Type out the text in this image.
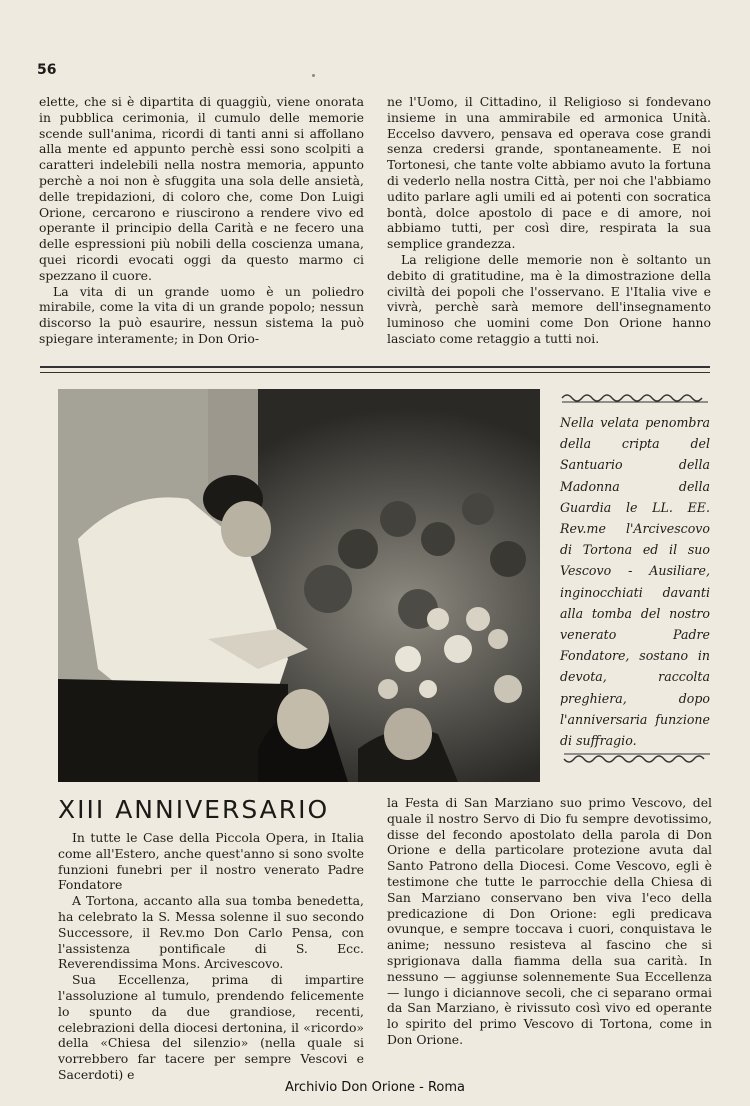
56

elette, che si è dipartita di quaggiù, viene onorata in pubblica cerimonia, il cumulo delle memorie scende sull'anima, ricordi di tanti anni si affollano alla mente ed appunto perchè essi sono scolpiti a caratteri indelebili nella nostra memoria, appunto perchè a noi non è sfuggita una sola delle ansietà, delle trepidazioni, di coloro che, come Don Luigi Orione, cercarono e riuscirono a rendere vivo ed operante il principio della Carità e ne fecero una delle espressioni più nobili della coscienza umana, quei ricordi evocati oggi da questo marmo ci spezzano il cuore.

La vita di un grande uomo è un poliedro mirabile, come la vita di un grande popolo; nessun discorso la può esaurire, nessun sistema la può spiegare interamente; in Don Orio-

ne l'Uomo, il Cittadino, il Religioso si fondevano insieme in una ammirabile ed armonica Unità. Eccelso davvero, pensava ed operava cose grandi senza credersi grande, spontaneamente. E noi Tortonesi, che tante volte abbiamo avuto la fortuna di vederlo nella nostra Città, per noi che l'abbiamo udito parlare agli umili ed ai potenti con socratica bontà, dolce apostolo di pace e di amore, noi abbiamo tutti, per così dire, respirata la sua semplice grandezza.

La religione delle memorie non è soltanto un debito di gratitudine, ma è la dimostrazione della civiltà dei popoli che l'osservano. E l'Italia vive e vivrà, perchè sarà memore dell'insegnamento luminoso che uomini come Don Orione hanno lasciato come retaggio a tutti noi.

Nella velata penombra della cripta del Santuario della Madonna della Guardia le LL. EE. Rev.me l'Arcivescovo di Tortona ed il suo Vescovo - Ausiliare, inginocchiati davanti alla tomba del nostro venerato Padre Fondatore, sostano in devota, raccolta preghiera, dopo l'anniversaria funzione di suffragio.

XIII ANNIVERSARIO

In tutte le Case della Piccola Opera, in Italia come all'Estero, anche quest'anno si sono svolte funzioni funebri per il nostro venerato Padre Fondatore

A Tortona, accanto alla sua tomba benedetta, ha celebrato la S. Messa solenne il suo secondo Successore, il Rev.mo Don Carlo Pensa, con l'assistenza pontificale di S. Ecc. Reverendissima Mons. Arcivescovo.

Sua Eccellenza, prima di impartire l'assoluzione al tumulo, prendendo felicemente lo spunto da due grandiose, recenti, celebrazioni della diocesi dertonina, il «ricordo» della «Chiesa del silenzio» (nella quale si vorrebbero far tacere per sempre Vescovi e Sacerdoti) e

la Festa di San Marziano suo primo Vescovo, del quale il nostro Servo di Dio fu sempre devotissimo, disse del fecondo apostolato della parola di Don Orione e della particolare protezione avuta dal Santo Patrono della Diocesi. Come Vescovo, egli è testimone che tutte le parrocchie della Chiesa di San Marziano conservano ben viva l'eco della predicazione di Don Orione: egli predicava ovunque, e sempre toccava i cuori, conquistava le anime; nessuno resisteva al fascino che si sprigionava dalla fiamma della sua carità. In nessuno — aggiunse solennemente Sua Eccellenza — lungo i diciannove secoli, che ci separano ormai da San Marziano, è rivissuto così vivo ed operante lo spirito del primo Vescovo di Tortona, come in Don Orione.

Archivio Don Orione - Roma
